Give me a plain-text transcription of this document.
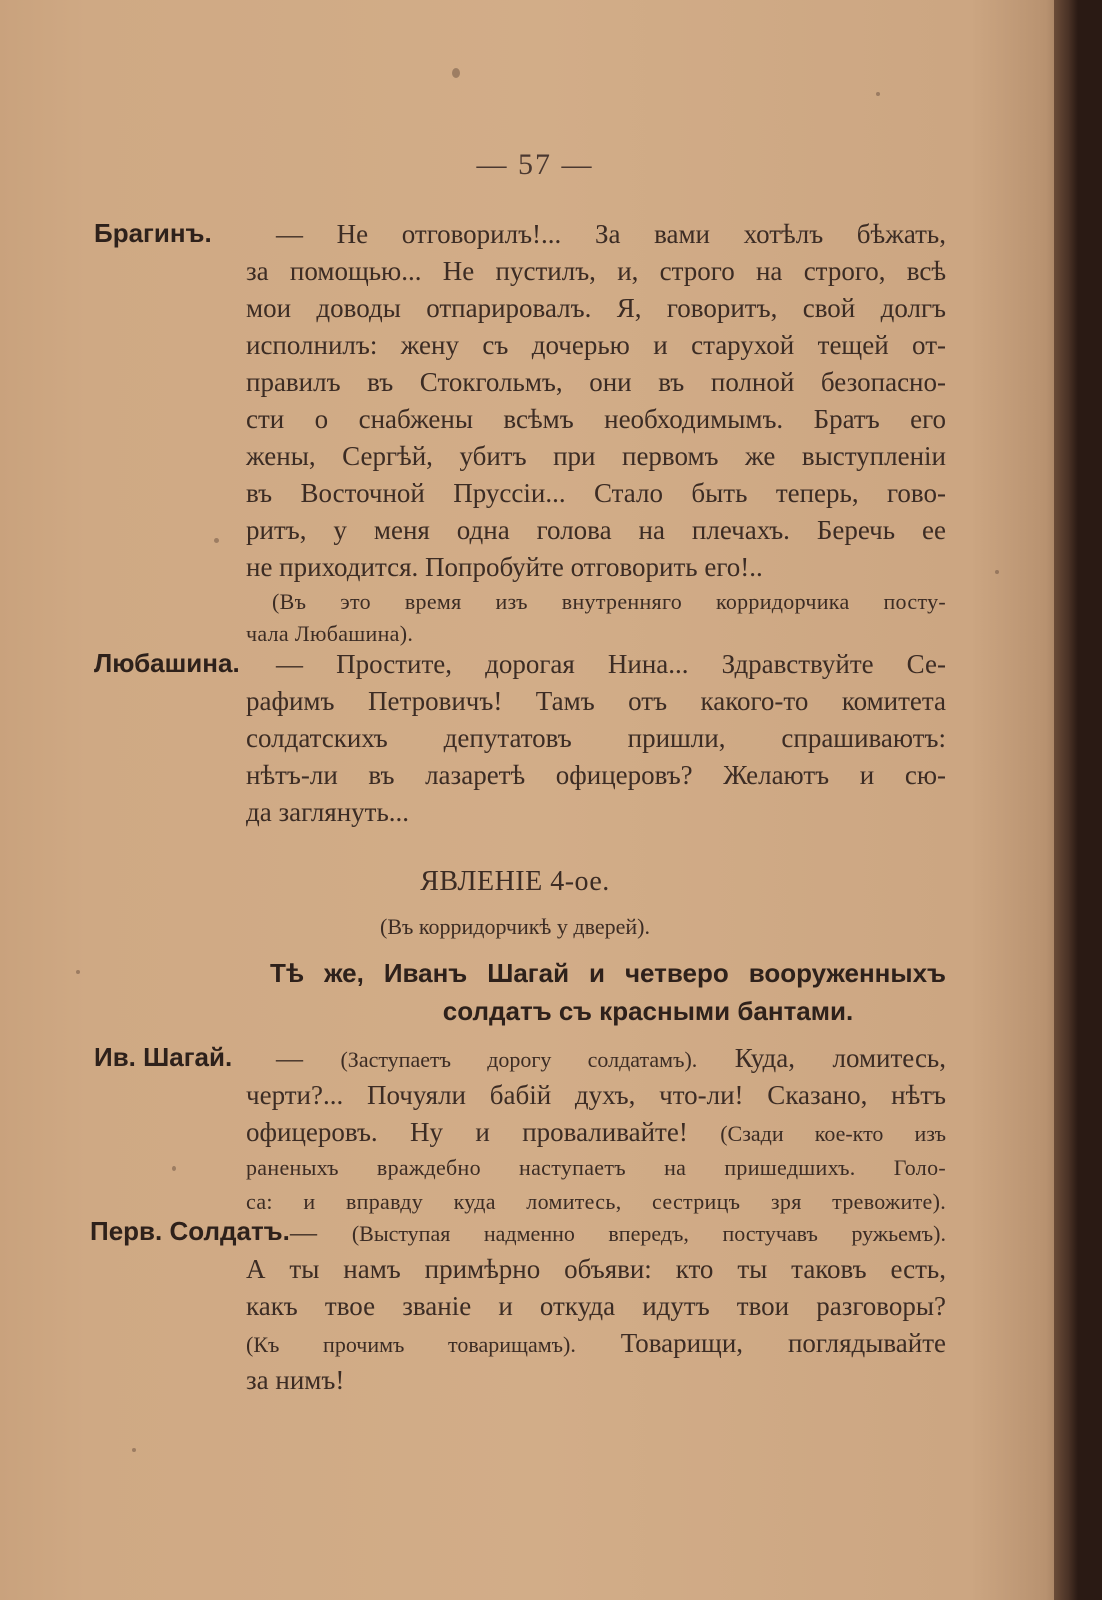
— 57 —
Брагинъ.	— Не отговорилъ!... За вами хотѣлъ бѣжать,
за помощью... Не пустилъ, и, строго на строго, всѣ
мои доводы отпарировалъ. Я, говоритъ, свой долгъ
исполнилъ: жену съ дочерью и старухой тещей от-
правилъ въ Стокгольмъ, они въ полной безопасно-
сти о снабжены всѣмъ необходимымъ. Братъ его
жены, Сергѣй, убитъ при первомъ же выступленіи
въ Восточной Пруссіи... Стало быть теперь, гово-
ритъ, у меня одна голова на плечахъ. Беречь ее
не приходится. Попробуйте отговорить его!..
(Въ это время изъ внутренняго корридорчика посту-
чала Любашина).
Любашина.	— Простите, дорогая Нина... Здравствуйте Се-
рафимъ Петровичъ! Тамъ отъ какого-то комитета
солдатскихъ депутатовъ пришли, спрашиваютъ:
нѣтъ-ли въ лазаретѣ офицеровъ? Желаютъ и сю-
да заглянуть...
ЯВЛЕНІЕ 4-ое.
(Въ корридорчикѣ у дверей).
Тѣ же, Иванъ Шагай и четверо вооруженныхъ
солдатъ съ красными бантами.
Ив. Шагай.	— (Заступаетъ дорогу солдатамъ). Куда, ломитесь,
черти?... Почуяли бабій духъ, что-ли! Сказано, нѣтъ
офицеровъ. Ну и проваливайте! (Сзади кое-кто изъ
раненыхъ враждебно наступаетъ на пришедшихъ. Голо-
са: и вправду куда ломитесь, сестрицъ зря тревожите).
Перв. Солдатъ. — (Выступая надменно впередъ, постучавъ ружьемъ).
А ты намъ примѣрно объяви: кто ты таковъ есть,
какъ твое званіе и откуда идутъ твои разговоры?
(Къ прочимъ товарищамъ). Товарищи, поглядывайте
за нимъ!
